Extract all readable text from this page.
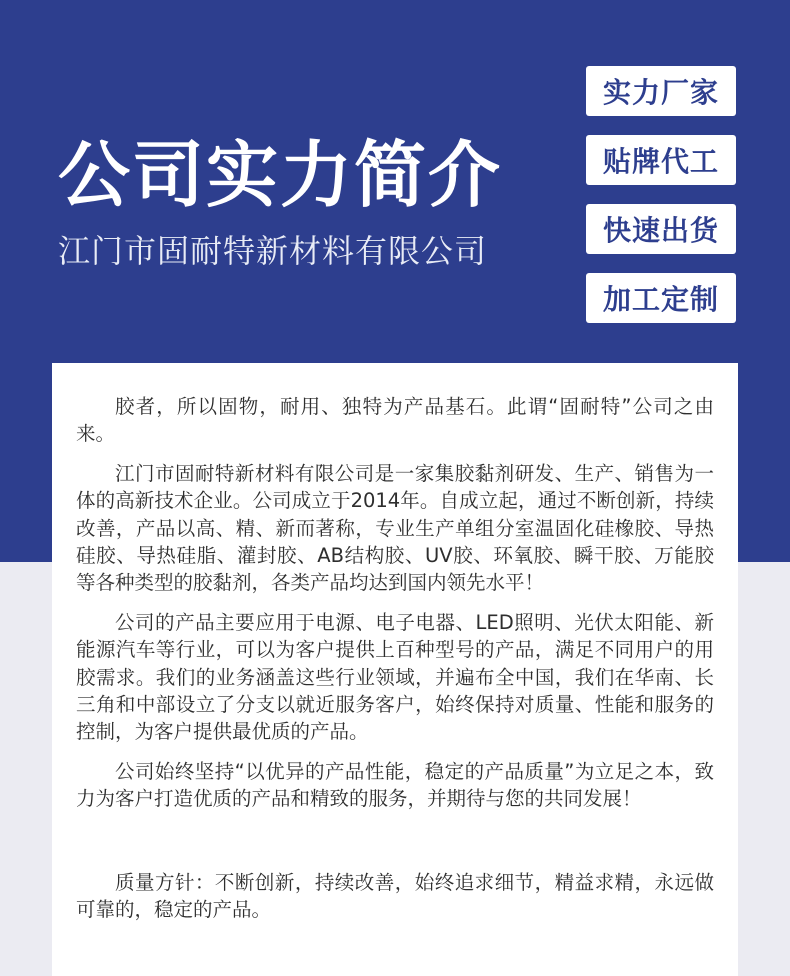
公司实力简介
江门市固耐特新材料有限公司
实力厂家
贴牌代工
快速出货
加工定制

胶者，所以固物，耐用、独特为产品基石。此谓“固耐特”公司之由来。

江门市固耐特新材料有限公司是一家集胶黏剂研发、生产、销售为一体的高新技术企业。公司成立于2014年。自成立起，通过不断创新，持续改善，产品以高、精、新而著称，专业生产单组分室温固化硅橡胶、导热硅胶、导热硅脂、灌封胶、AB结构胶、UV胶、环氧胶、瞬干胶、万能胶等各种类型的胶黏剂，各类产品均达到国内领先水平！

公司的产品主要应用于电源、电子电器、LED照明、光伏太阳能、新能源汽车等行业，可以为客户提供上百种型号的产品，满足不同用户的用胶需求。我们的业务涵盖这些行业领域，并遍布全中国，我们在华南、长三角和中部设立了分支以就近服务客户，始终保持对质量、性能和服务的控制，为客户提供最优质的产品。

公司始终坚持“以优异的产品性能，稳定的产品质量”为立足之本，致力为客户打造优质的产品和精致的服务，并期待与您的共同发展！

质量方针：不断创新，持续改善，始终追求细节，精益求精，永远做可靠的，稳定的产品。
